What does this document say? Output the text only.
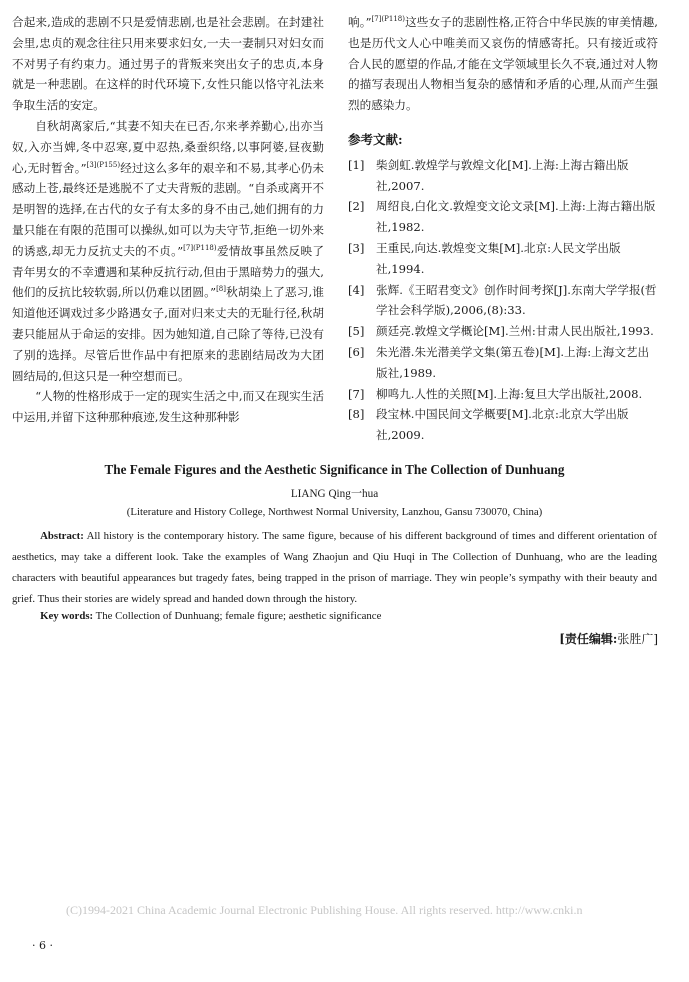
合起来,造成的悲剧不只是爱情悲剧,也是社会悲剧。在封建社会里,忠贞的观念往往只用来要求妇女,一夫一妻制只对妇女而不对男子有约束力。通过男子的背叛来突出女子的忠贞,本身就是一种悲剧。在这样的时代环境下,女性只能以恪守礼法来争取生活的安定。

自秋胡离家后,“其妻不知夫在已否,尔来孝养勤心,出亦当奴,入亦当婢,冬中忍寒,夏中忍热,桑蚕织络,以事阿婆,昼夜勤心,无时暂舍。”$^{[3](P155)}$经过这么多年的艰辛和不易,其孝心仍未感动上苍,最终还是逃脱不了丈夫背叛的悲剧。“自杀或离开不是明智的选择,在古代的女子有太多的身不由己,她们拥有的力量只能在有限的范围可以操纵,如可以为夫守节,拒绝一切外来的诱惑,却无力反抗丈夫的不贞。”$^{[7](P118)}$爱情故事虽然反映了青年男女的不幸遭遇和某种反抗行动,但由于黑暗势力的强大,他们的反抗比较软弱,所以仍难以团圆。”[8]秋胡染上了恶习,谁知道他还调戏过多少路遇女子,面对归来丈夫的无耻行径,秋胡妻只能屈从于命运的安排。因为她知道,自己除了等待,已没有了别的选择。尽管后世作品中有把原来的悲剧结局改为大团圆结局的,但这只是一种空想而已。

“人物的性格形成于一定的现实生活之中,而又在现实生活中运用,并留下这种那种痕迹,发生这种那种影

响。”$^{[7](P118)}$这些女子的悲剧性格,正符合中华民族的审美情趣,也是历代文人心中唯美而又哀伤的情感寄托。只有接近或符合人民的愿望的作品,才能在文学领域里长久不衰,通过对人物的描写表现出人物相当复杂的感情和矛盾的心理,从而产生强烈的感染力。

参考文献:
[1] 柴剑虹.敦煌学与敦煌文化[M].上海:上海古籍出版社,2007.
[2] 周绍良,白化文.敦煌变文论文录[M].上海:上海古籍出版社,1982.
[3] 王重民,向达.敦煌变文集[M].北京:人民文学出版社,1994.
[4] 张辉.《王昭君变文》创作时间考探[J].东南大学学报(哲学社会科学版),2006,(8):33.
[5] 颜廷亮.敦煌文学概论[M].兰州:甘肃人民出版社,1993.
[6] 朱光潜.朱光潜美学文集(第五卷)[M].上海:上海文艺出版社,1989.
[7] 柳鸣九.人性的关照[M].上海:复旦大学出版社,2008.
[8] 段宝林.中国民间文学概要[M].北京:北京大学出版社,2009.
The Female Figures and the Aesthetic Significance in The Collection of Dunhuang
LIANG Qing一hua
(Literature and History College, Northwest Normal University, Lanzhou, Gansu 730070, China)

Abstract: All history is the contemporary history. The same figure, because of his different background of times and different orientation of aesthetics, may take a different look. Take the examples of Wang Zhaojun and Qiu Huqi in The Collection of Dunhuang, who are the leading characters with beautiful appearances but tragedy fates, being trapped in the prison of marriage. They win people’s sympathy with their beauty and grief. Thus their stories are widely spread and handed down through the history.

Key words: The Collection of Dunhuang; female figure; aesthetic significance

[责任编辑:张胜广]
(C)1994-2021 China Academic Journal Electronic Publishing House. All rights reserved. http://www.cnki.n
· 6 ·
